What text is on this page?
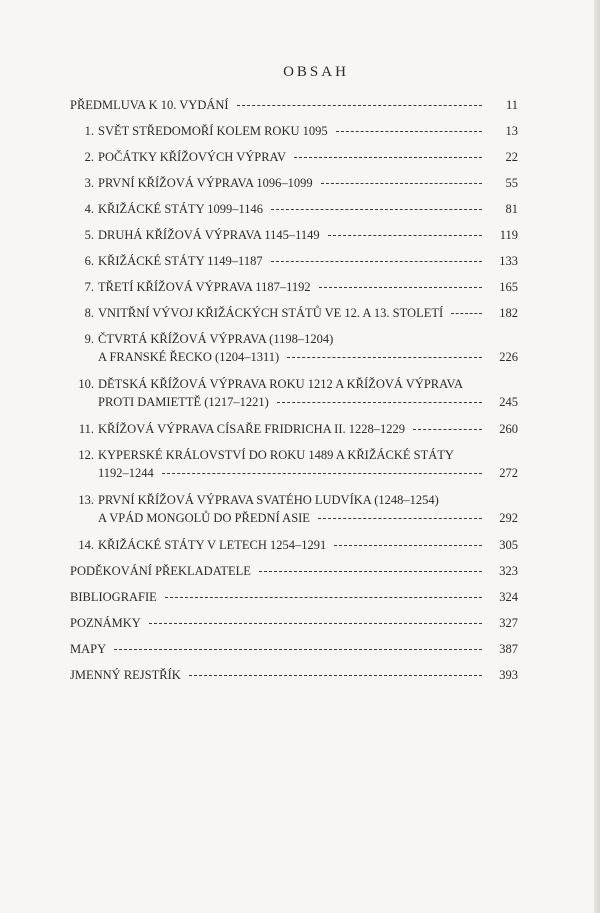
OBSAH
PŘEDMLUVA K 10. VYDÁNÍ	11
1. SVĚT STŘEDOMOŘÍ KOLEM ROKU 1095	13
2. POČÁTKY KŘÍŽOVÝCH VÝPRAV	22
3. PRVNÍ KŘÍŽOVÁ VÝPRAVA 1096–1099	55
4. KŘIŽÁCKÉ STÁTY 1099–1146	81
5. DRUHÁ KŘÍŽOVÁ VÝPRAVA 1145–1149	119
6. KŘIŽÁCKÉ STÁTY 1149–1187	133
7. TŘETÍ KŘÍŽOVÁ VÝPRAVA 1187–1192	165
8. VNITŘNÍ VÝVOJ KŘIŽÁCKÝCH STÁTŮ VE 12. A 13. STOLETÍ	182
9. ČTVRTÁ KŘÍŽOVÁ VÝPRAVA (1198–1204)
A FRANSKÉ ŘECKO (1204–1311)	226
10. DĚTSKÁ KŘÍŽOVÁ VÝPRAVA ROKU 1212 A KŘÍŽOVÁ VÝPRAVA
PROTI DAMIETTĚ (1217–1221)	245
11. KŘÍŽOVÁ VÝPRAVA CÍSAŘE FRIDRICHA II. 1228–1229	260
12. KYPERSKÉ KRÁLOVSTVÍ DO ROKU 1489 A KŘIŽÁCKÉ STÁTY
1192–1244	272
13. PRVNÍ KŘÍŽOVÁ VÝPRAVA SVATÉHO LUDVÍKA (1248–1254)
A VPÁD MONGOLŮ DO PŘEDNÍ ASIE	292
14. KŘIŽÁCKÉ STÁTY V LETECH 1254–1291	305
PODĚKOVÁNÍ PŘEKLADATELE	323
BIBLIOGRAFIE	324
POZNÁMKY	327
MAPY	387
JMENNÝ REJSTŘÍK	393
